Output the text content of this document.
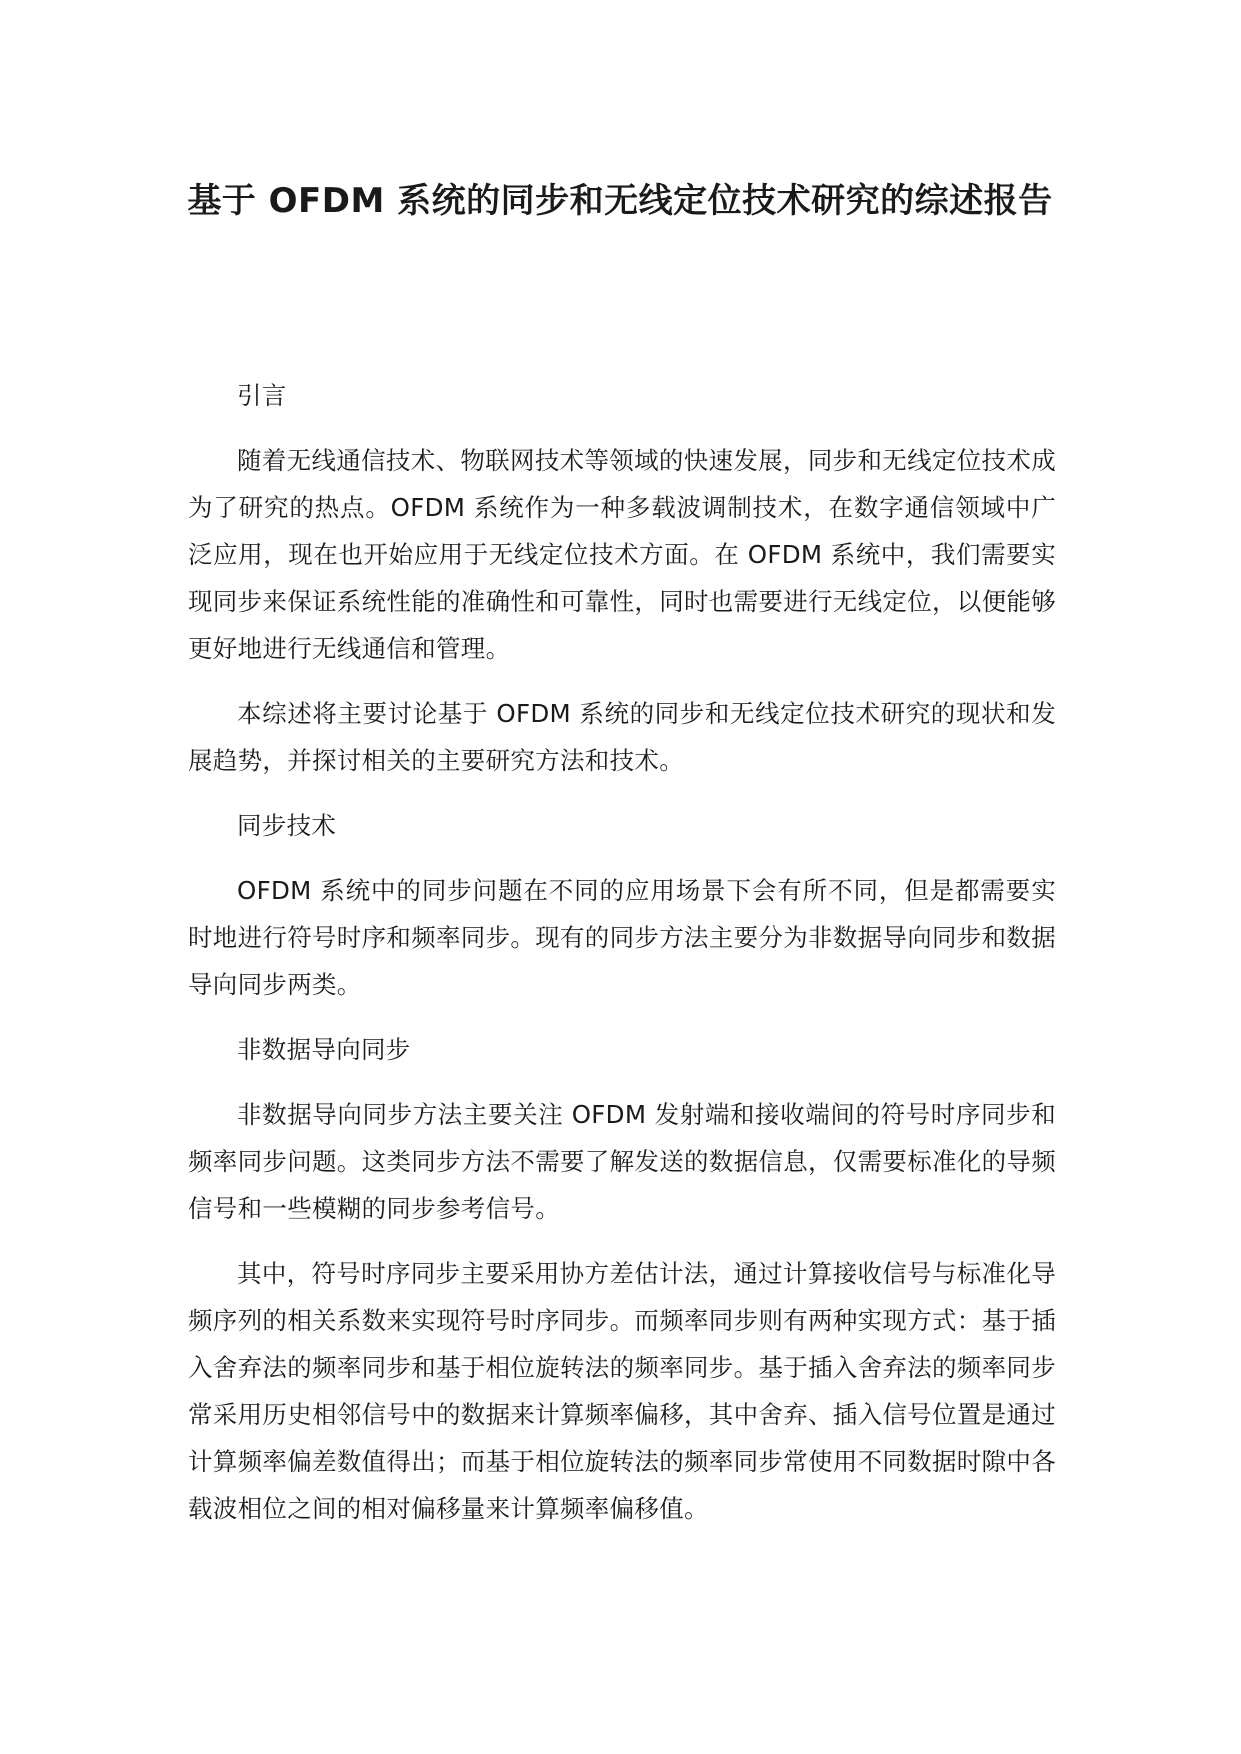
基于 OFDM 系统的同步和无线定位技术研究的综述报告

引言

随着无线通信技术、物联网技术等领域的快速发展，同步和无线定位技术成为了研究的热点。OFDM 系统作为一种多载波调制技术，在数字通信领域中广泛应用，现在也开始应用于无线定位技术方面。在 OFDM 系统中，我们需要实现同步来保证系统性能的准确性和可靠性，同时也需要进行无线定位，以便能够更好地进行无线通信和管理。

本综述将主要讨论基于 OFDM 系统的同步和无线定位技术研究的现状和发展趋势，并探讨相关的主要研究方法和技术。

同步技术

OFDM 系统中的同步问题在不同的应用场景下会有所不同，但是都需要实时地进行符号时序和频率同步。现有的同步方法主要分为非数据导向同步和数据导向同步两类。

非数据导向同步

非数据导向同步方法主要关注 OFDM 发射端和接收端间的符号时序同步和频率同步问题。这类同步方法不需要了解发送的数据信息，仅需要标准化的导频信号和一些模糊的同步参考信号。

其中，符号时序同步主要采用协方差估计法，通过计算接收信号与标准化导频序列的相关系数来实现符号时序同步。而频率同步则有两种实现方式：基于插入舍弃法的频率同步和基于相位旋转法的频率同步。基于插入舍弃法的频率同步常采用历史相邻信号中的数据来计算频率偏移，其中舍弃、插入信号位置是通过计算频率偏差数值得出；而基于相位旋转法的频率同步常使用不同数据时隙中各载波相位之间的相对偏移量来计算频率偏移值。
